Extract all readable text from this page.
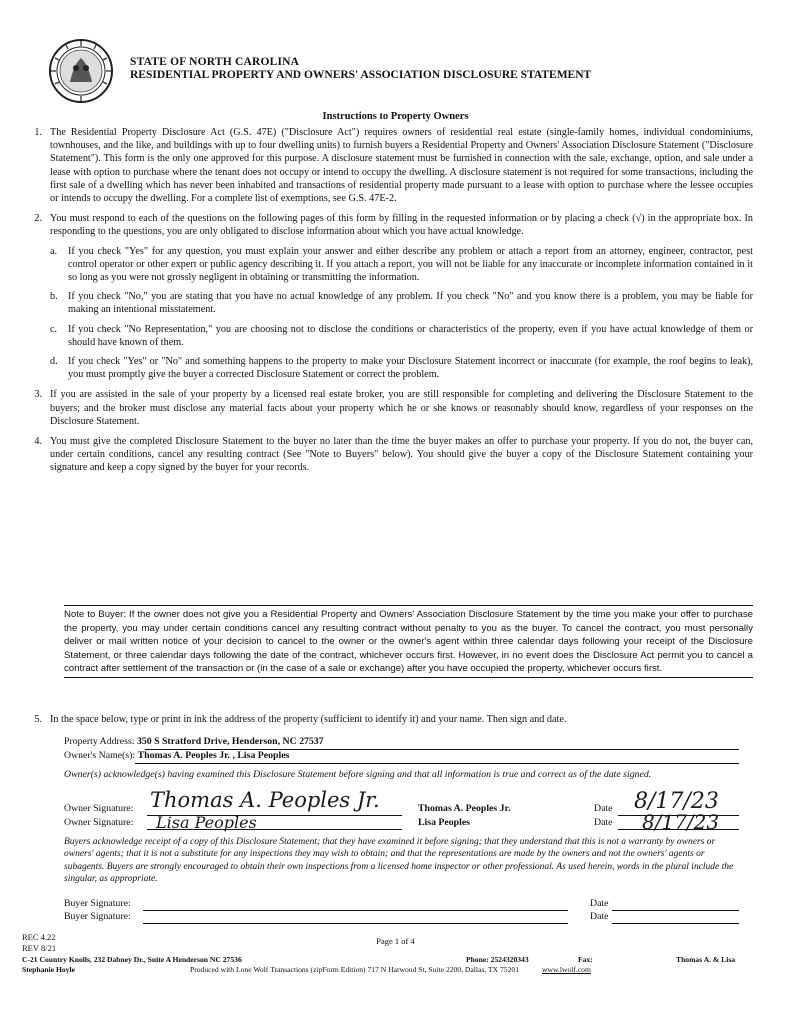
STATE OF NORTH CAROLINA
RESIDENTIAL PROPERTY AND OWNERS' ASSOCIATION DISCLOSURE STATEMENT
Instructions to Property Owners
1. The Residential Property Disclosure Act (G.S. 47E) ("Disclosure Act") requires owners of residential real estate (single-family homes, individual condominiums, townhouses, and the like, and buildings with up to four dwelling units) to furnish buyers a Residential Property and Owners' Association Disclosure Statement ("Disclosure Statement"). This form is the only one approved for this purpose. A disclosure statement must be furnished in connection with the sale, exchange, option, and sale under a lease with option to purchase where the tenant does not occupy or intend to occupy the dwelling. A disclosure statement is not required for some transactions, including the first sale of a dwelling which has never been inhabited and transactions of residential property made pursuant to a lease with option to purchase where the lessee occupies or intends to occupy the dwelling. For a complete list of exemptions, see G.S. 47E-2.
2. You must respond to each of the questions on the following pages of this form by filling in the requested information or by placing a check (√) in the appropriate box. In responding to the questions, you are only obligated to disclose information about which you have actual knowledge.
a.	If you check "Yes" for any question, you must explain your answer and either describe any problem or attach a report from an attorney, engineer, contractor, pest control operator or other expert or public agency describing it. If you attach a report, you will not be liable for any inaccurate or incomplete information contained in it so long as you were not grossly negligent in obtaining or transmitting the information.
b.	If you check "No," you are stating that you have no actual knowledge of any problem. If you check "No" and you know there is a problem, you may be liable for making an intentional misstatement.
c.	If you check "No Representation," you are choosing not to disclose the conditions or characteristics of the property, even if you have actual knowledge of them or should have known of them.
d.	If you check "Yes" or "No" and something happens to the property to make your Disclosure Statement incorrect or inaccurate (for example, the roof begins to leak), you must promptly give the buyer a corrected Disclosure Statement or correct the problem.
3. If you are assisted in the sale of your property by a licensed real estate broker, you are still responsible for completing and delivering the Disclosure Statement to the buyers; and the broker must disclose any material facts about your property which he or she knows or reasonably should know, regardless of your responses on the Disclosure Statement.
4. You must give the completed Disclosure Statement to the buyer no later than the time the buyer makes an offer to purchase your property. If you do not, the buyer can, under certain conditions, cancel any resulting contract (See "Note to Buyers" below). You should give the buyer a copy of the Disclosure Statement containing your signature and keep a copy signed by the buyer for your records.
Note to Buyer: If the owner does not give you a Residential Property and Owners' Association Disclosure Statement by the time you make your offer to purchase the property, you may under certain conditions cancel any resulting contract without penalty to you as the buyer. To cancel the contract, you must personally deliver or mail written notice of your decision to cancel to the owner or the owner's agent within three calendar days following your receipt of the Disclosure Statement, or three calendar days following the date of the contract, whichever occurs first. However, in no event does the Disclosure Act permit you to cancel a contract after settlement of the transaction or (in the case of a sale or exchange) after you have occupied the property, whichever occurs first.
5. In the space below, type or print in ink the address of the property (sufficient to identify it) and your name. Then sign and date.
Property Address: 350 S Stratford Drive, Henderson, NC 27537
Owner's Name(s): Thomas A. Peoples Jr. , Lisa Peoples
Owner(s) acknowledge(s) having examined this Disclosure Statement before signing and that all information is true and correct as of the date signed.
Owner Signature: Thomas A. Peoples Jr.	Thomas A. Peoples Jr.	Date 8/17/23
Owner Signature: Lisa Peoples	Lisa Peoples	Date 8/17/23
Buyers acknowledge receipt of a copy of this Disclosure Statement; that they have examined it before signing; that they understand that this is not a warranty by owners or owners' agents; that it is not a substitute for any inspections they may wish to obtain; and that the representations are made by the owners and not the owners' agents or subagents. Buyers are strongly encouraged to obtain their own inspections from a licensed home inspector or other professional. As used herein, words in the plural include the singular, as appropriate.
Buyer Signature:	Date
Buyer Signature:	Date
REC 4.22
REV 8/21
Page 1 of 4
C-21 Country Knolls, 232 Dabney Dr., Suite A Henderson NC 27536	Phone: 2524320343	Fax:	Thomas A. & Lisa
Stephanie Hoyle	Produced with Lone Wolf Transactions (zipForm Edition) 717 N Harwood St, Suite 2200, Dallas, TX 75201	www.lwolf.com
